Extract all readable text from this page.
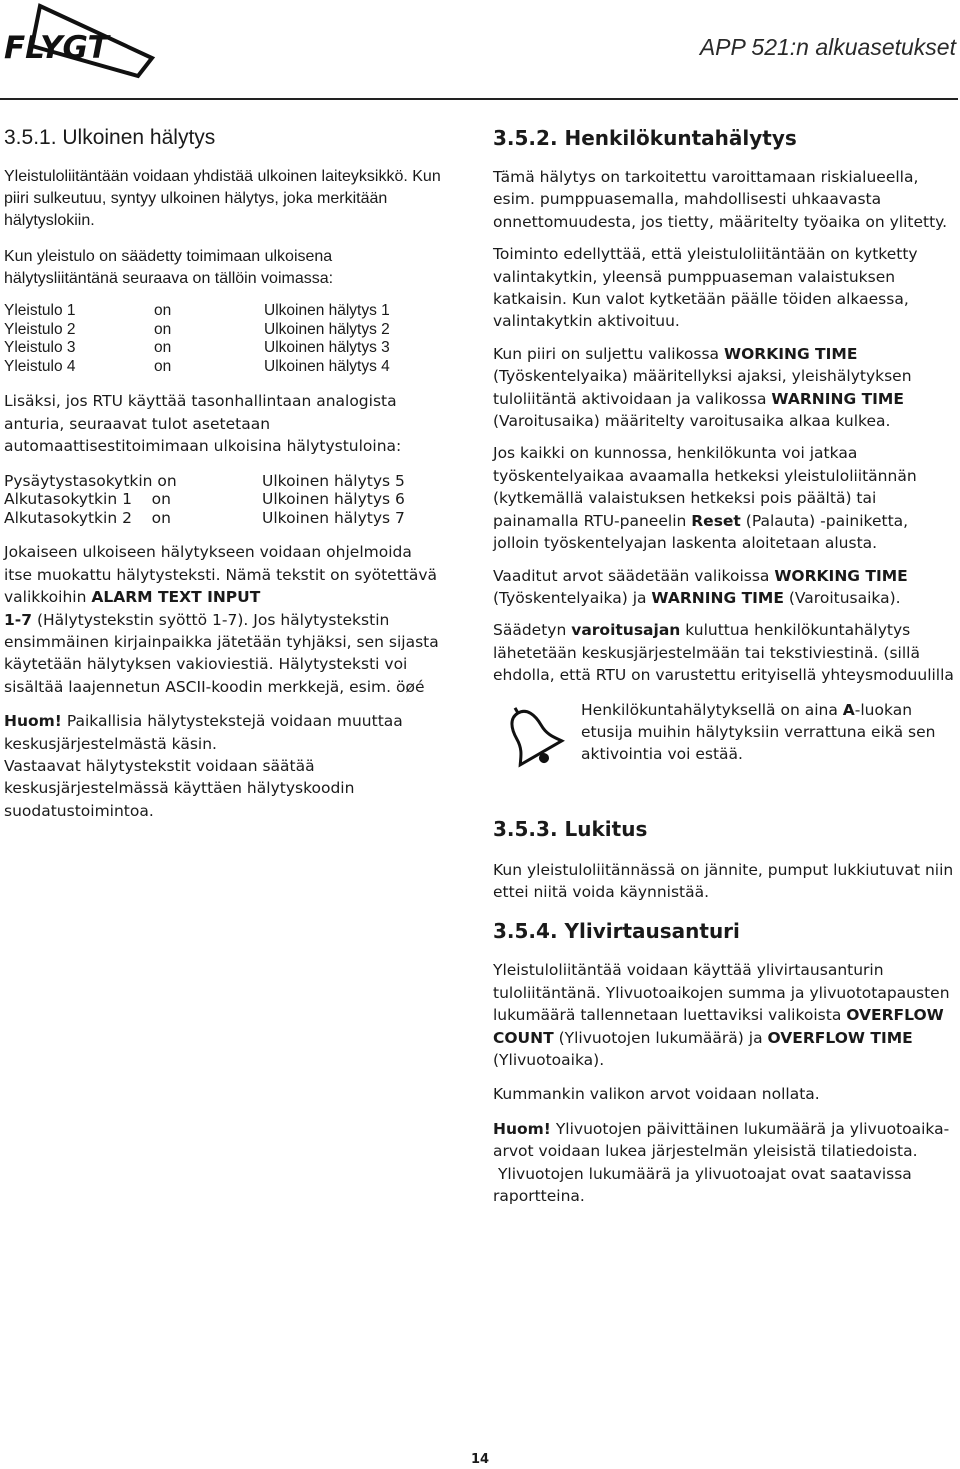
FLYGT	APP 521:n alkuasetukset
3.5.1. Ulkoinen hälytys

Yleistuloliitäntään voidaan yhdistää ulkoinen laiteyksikkö. Kun piiri sulkeutuu, syntyy ulkoinen hälytys, joka merkitään hälytyslokiin.

Kun yleistulo on säädetty toimimaan ulkoisena hälytysliitäntänä seuraava on tällöin voimassa:

Yleistulo 1	on	Ulkoinen hälytys 1
Yleistulo 2	on	Ulkoinen hälytys 2
Yleistulo 3	on	Ulkoinen hälytys 3
Yleistulo 4	on	Ulkoinen hälytys 4

Lisäksi, jos RTU käyttää tasonhallintaan analogista anturia, seuraavat tulot asetetaan automaattisestitoimimaan ulkoisina hälytystuloina:

Pysäytystasokytkin on	Ulkoinen hälytys 5
Alkutasokytkin 1    on	Ulkoinen hälytys 6
Alkutasokytkin 2    on	Ulkoinen hälytys 7

Jokaiseen ulkoiseen hälytykseen voidaan ohjelmoida itse muokattu hälytysteksti. Nämä tekstit on syötettävä valikkoihin ALARM TEXT INPUT
1-7 (Hälytystekstin syöttö 1-7). Jos hälytystekstin ensimmäinen kirjainpaikka jätetään tyhjäksi, sen sijasta käytetään hälytyksen vakioviestiä. Hälytysteksti voi sisältää laajennetun ASCII-koodin merkkejä, esim. öøé

Huom! Paikallisia hälytystekstejä voidaan muuttaa keskusjärjestelmästä käsin.
Vastaavat hälytystekstit voidaan säätää keskusjärjestelmässä käyttäen hälytyskoodin suodatustoimintoa.

3.5.2. Henkilökuntahälytys

Tämä hälytys on tarkoitettu varoittamaan riskialueella, esim. pumppuasemalla, mahdollisesti uhkaavasta onnettomuudesta, jos tietty, määritelty työaika on ylitetty.

Toiminto edellyttää, että yleistuloliitäntään on kytketty valintakytkin, yleensä pumppuaseman valaistuksen katkaisin. Kun valot kytketään päälle töiden alkaessa, valintakytkin aktivoituu.

Kun piiri on suljettu valikossa WORKING TIME (Työskentelyaika) määritellyksi ajaksi, yleishälytyksen tuloliitäntä aktivoidaan ja valikossa WARNING TIME (Varoitusaika) määritelty varoitusaika alkaa kulkea.

Jos kaikki on kunnossa, henkilökunta voi jatkaa työskentelyaikaa avaamalla hetkeksi yleistuloliitännän (kytkemällä valaistuksen hetkeksi pois päältä) tai painamalla RTU-paneelin Reset (Palauta) -painiketta, jolloin työskentelyajan laskenta aloitetaan alusta.

Vaaditut arvot säädetään valikoissa WORKING TIME (Työskentelyaika) ja WARNING TIME (Varoitusaika).

Säädetyn varoitusajan kuluttua henkilökuntahälytys lähetetään keskusjärjestelmään tai tekstiviestinä. (sillä ehdolla, että RTU on varustettu erityisellä yhteysmoduulilla

Henkilökuntahälytyksellä on aina A-luokan etusija muihin hälytyksiin verrattuna eikä sen aktivointia voi estää.

3.5.3. Lukitus

Kun yleistuloliitännässä on jännite, pumput lukkiutuvat niin ettei niitä voida käynnistää.

3.5.4. Ylivirtausanturi

Yleistuloliitäntää voidaan käyttää ylivirtausanturin tuloliitäntänä. Ylivuotoaikojen summa ja ylivuototapausten lukumäärä tallennetaan luettaviksi valikoista OVERFLOW COUNT (Ylivuotojen lukumäärä) ja OVERFLOW TIME (Ylivuotoaika).

Kummankin valikon arvot voidaan nollata.

Huom! Ylivuotojen päivittäinen lukumäärä ja ylivuotoaika-arvot voidaan lukea järjestelmän yleisistä tilatiedoista.
Ylivuotojen lukumäärä ja ylivuotoajat ovat saatavissa raportteina.

14
